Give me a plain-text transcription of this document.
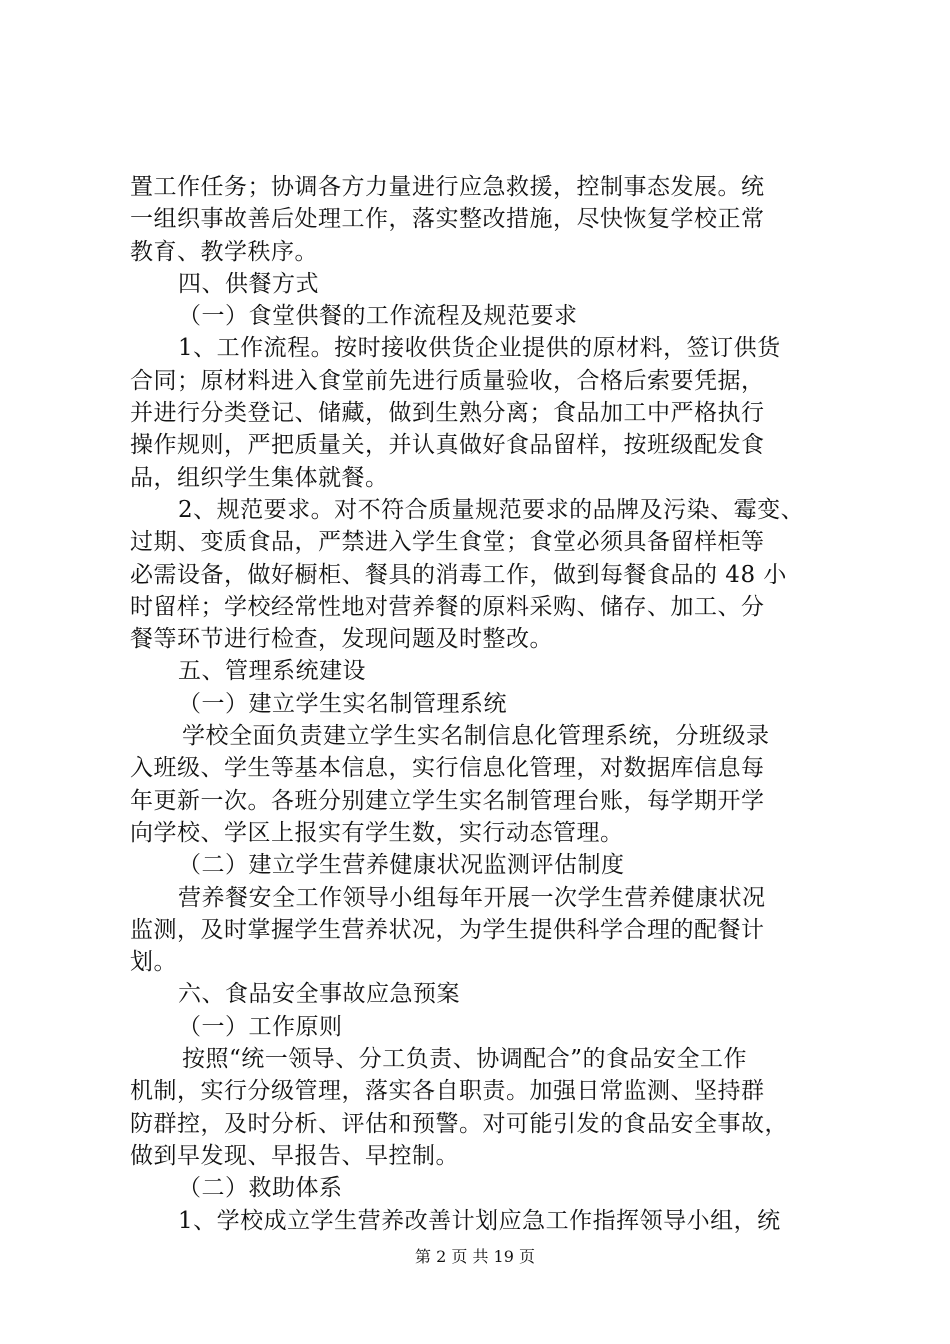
置工作任务；协调各方力量进行应急救援，控制事态发展。统
一组织事故善后处理工作，落实整改措施，尽快恢复学校正常
教育、教学秩序。
四、供餐方式
（一）食堂供餐的工作流程及规范要求
1、工作流程。按时接收供货企业提供的原材料，签订供货
合同；原材料进入食堂前先进行质量验收，合格后索要凭据，
并进行分类登记、储藏，做到生熟分离；食品加工中严格执行
操作规则，严把质量关，并认真做好食品留样，按班级配发食
品，组织学生集体就餐。
2、规范要求。对不符合质量规范要求的品牌及污染、霉变、
过期、变质食品，严禁进入学生食堂；食堂必须具备留样柜等
必需设备，做好橱柜、餐具的消毒工作，做到每餐食品的 48 小
时留样；学校经常性地对营养餐的原料采购、储存、加工、分
餐等环节进行检查，发现问题及时整改。
五、管理系统建设
（一）建立学生实名制管理系统
学校全面负责建立学生实名制信息化管理系统，分班级录
入班级、学生等基本信息，实行信息化管理，对数据库信息每
年更新一次。各班分别建立学生实名制管理台账，每学期开学
向学校、学区上报实有学生数，实行动态管理。
（二）建立学生营养健康状况监测评估制度
营养餐安全工作领导小组每年开展一次学生营养健康状况
监测，及时掌握学生营养状况，为学生提供科学合理的配餐计
划。
六、食品安全事故应急预案
（一）工作原则
按照“统一领导、分工负责、协调配合”的食品安全工作
机制，实行分级管理，落实各自职责。加强日常监测、坚持群
防群控，及时分析、评估和预警。对可能引发的食品安全事故，
做到早发现、早报告、早控制。
（二）救助体系
1、学校成立学生营养改善计划应急工作指挥领导小组，统
第 2 页 共 19 页
